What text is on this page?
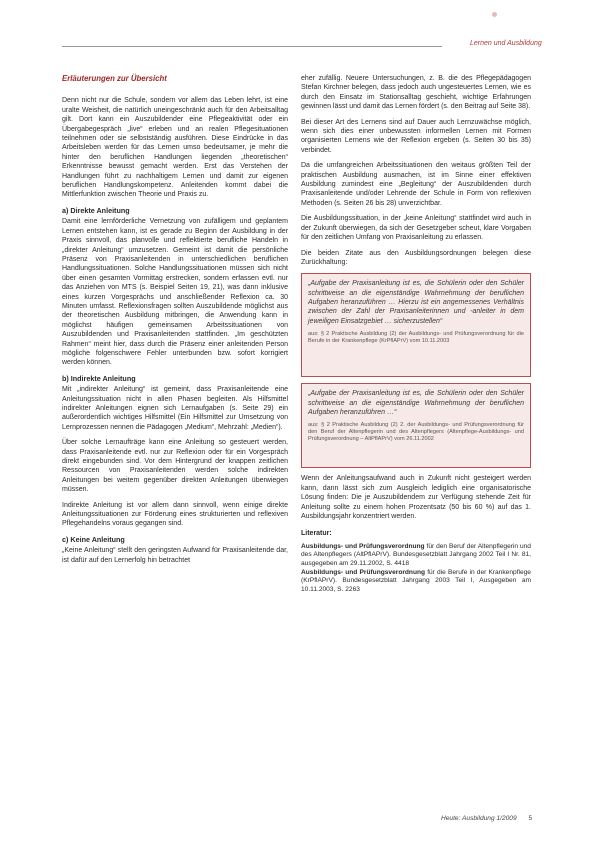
Lernen und Ausbildung
Erläuterungen zur Übersicht

Denn nicht nur die Schule, sondern vor allem das Leben lehrt, ist eine uralte Weisheit, die natürlich uneingeschränkt auch für den Arbeitsalltag gilt. Dort kann ein Auszubildender eine Pflegeaktivität oder ein Übergabegespräch „live“ erleben und an realen Pflegesituationen teilnehmen oder sie selbstständig ausführen. Diese Eindrücke in das Arbeitsleben werden für das Lernen umso bedeutsamer, je mehr die hinter den beruflichen Handlungen liegenden „theoretischen“ Erkenntnisse bewusst gemacht werden. Erst das Verstehen der Handlungen führt zu nachhaltigem Lernen und damit zur eigenen beruflichen Handlungskompetenz. Anleitenden kommt dabei die Mittlerfunktion zwischen Theorie und Praxis zu.

a) Direkte Anleitung

Damit eine lernförderliche Vernetzung von zufälligem und geplantem Lernen entstehen kann, ist es gerade zu Beginn der Ausbildung in der Praxis sinnvoll, das planvolle und reflektierte berufliche Handeln in „direkter Anleitung“ umzusetzen. Gemeint ist damit die persönliche Präsenz von Praxisanleitenden in unterschiedlichen beruflichen Handlungssituationen. Solche Handlungssituationen müssen sich nicht über einen gesamten Vormittag erstrecken, sondern erfassen evtl. nur das Anziehen von MTS (s. Beispiel Seiten 19, 21), was dann inklusive eines kurzen Vorgesprächs und anschließender Reflexion ca. 30 Minuten umfasst. Reflexionsfragen sollten Auszubildende möglichst aus der theoretischen Ausbildung mitbringen, die Anwendung kann in möglichst häufigen gemeinsamen Arbeitssituationen von Auszubildenden und Praxisanleitenden stattfinden. „Im geschützten Rahmen“ meint hier, dass durch die Präsenz einer anleitenden Person mögliche folgenschwere Fehler unterbunden bzw. sofort korrigiert werden können.

b) Indirekte Anleitung

Mit „indirekter Anleitung“ ist gemeint, dass Praxisanleitende eine Anleitungssituation nicht in allen Phasen begleiten. Als Hilfsmittel indirekter Anleitungen eignen sich Lernaufgaben (s. Seite 29) ein außerordentlich wichtiges Hilfsmittel (Ein Hilfsmittel zur Umsetzung von Lernprozessen nennen die Pädagogen „Medium“, Mehrzahl: „Medien“).

Über solche Lernaufträge kann eine Anleitung so gesteuert werden, dass Praxisanleitende evtl. nur zur Reflexion oder für ein Vorgespräch direkt eingebunden sind. Vor dem Hintergrund der knappen zeitlichen Ressourcen von Praxisanleitenden werden solche indirekten Anleitungen bei weitem gegenüber direkten Anleitungen überwiegen müssen.

Indirekte Anleitung ist vor allem dann sinnvoll, wenn einige direkte Anleitungssituationen zur Förderung eines strukturierten und reflexiven Pflegehandelns voraus gegangen sind.

c) Keine Anleitung

„Keine Anleitung“ stellt den geringsten Aufwand für Praxisanleitende dar, ist dafür auf den Lernerfolg hin betrachtet

eher zufällig. Neuere Untersuchungen, z. B. die des Pflegepädagogen Stefan Kirchner belegen, dass jedoch auch ungesteuertes Lernen, wie es durch den Einsatz im Stationsalltag geschieht, wichtige Erfahrungen gewinnen lässt und damit das Lernen fördert (s. den Beitrag auf Seite 38).

Bei dieser Art des Lernens sind auf Dauer auch Lernzuwächse möglich, wenn sich dies einer unbewussten informellen Lernen mit Formen organisierten Lernens wie der Reflexion ergeben (s. Seiten 30 bis 35) verbindet.

Da die umfangreichen Arbeitssituationen den weitaus größten Teil der praktischen Ausbildung ausmachen, ist im Sinne einer effektiven Ausbildung zumindest eine „Begleitung“ der Auszubildenden durch Praxisanleitende und/oder Lehrende der Schule in Form von reflexiven Methoden (s. Seiten 26 bis 28) unverzichtbar.

Die Ausbildungssituation, in der „keine Anleitung“ stattfindet wird auch in der Zukunft überwiegen, da sich der Gesetzgeber scheut, klare Vorgaben für den zeitlichen Umfang von Praxisanleitung zu erlassen.

Die beiden Zitate aus den Ausbildungsordnungen belegen diese Zurückhaltung:

„Aufgabe der Praxisanleitung ist es, die Schülerin oder den Schüler schrittweise an die eigenständige Wahrnehmung der beruflichen Aufgaben heranzuführen … Hierzu ist ein angemessenes Verhältnis zwischen der Zahl der Praxisanleiterinnen und -anleiter in dem jeweiligen Einsatzgebiet … sicherzustellen“

aus: § 2 Praktische Ausbildung (2) der Ausbildungs- und Prüfungsverordnung für die Berufe in der Krankenpflege (KrPflAPrV) vom 10.11.2003

„Aufgabe der Praxisanleitung ist es, die Schülerin oder den Schüler schrittweise an die eigenständige Wahrnehmung der beruflichen Aufgaben heranzuführen …“

aus: § 2 Praktische Ausbildung (2) 2. der Ausbildungs- und Prüfungsverordnung für den Beruf der Altenpflegerin und des Altenpflegers (Altenpflege-Ausbildungs- und Prüfungsverordnung – AltPflAPrV) vom 26.11.2002

Wenn der Anleitungsaufwand auch in Zukunft nicht gesteigert werden kann, dann lässt sich zum Ausgleich lediglich eine organisatorische Lösung finden: Die je Auszubildendem zur Verfügung stehende Zeit für Anleitung sollte zu einem hohen Prozentsatz (50 bis 60 %) auf das 1. Ausbildungsjahr konzentriert werden.

Literatur:

Ausbildungs- und Prüfungsverordnung für den Beruf der Altenpflegerin und des Altenpflegers (AltPflAPrV). Bundesgesetzblatt Jahrgang 2002 Teil I Nr. 81, ausgegeben am 29.11.2002, S. 4418

Ausbildungs- und Prüfungsverordnung für die Berufe in der Krankenpflege (KrPflAPrV). Bundesgesetzblatt Jahrgang 2003 Teil I, Ausgegeben am 10.11.2003, S. 2263

Heute: Ausbildung 1/2009 5
